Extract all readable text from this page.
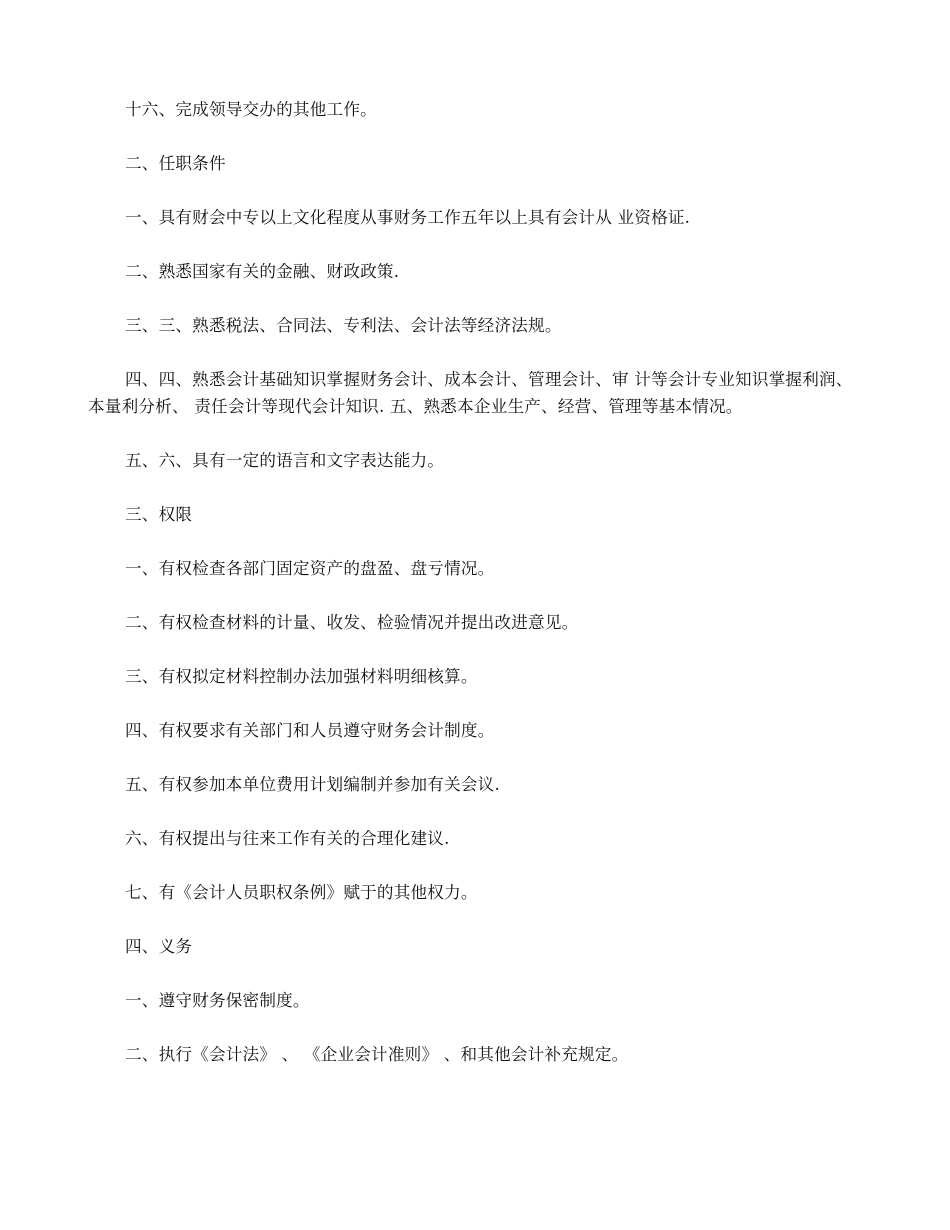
十六、完成领导交办的其他工作。

二、任职条件

一、具有财会中专以上文化程度从事财务工作五年以上具有会计从 业资格证.

二、熟悉国家有关的金融、财政政策.

三、三、熟悉税法、合同法、专利法、会计法等经济法规。

四、四、熟悉会计基础知识掌握财务会计、成本会计、管理会计、审 计等会计专业知识掌握利润、 本量利分析、 责任会计等现代会计知识. 五、熟悉本企业生产、经营、管理等基本情况。

五、六、具有一定的语言和文字表达能力。

三、权限

一、有权检查各部门固定资产的盘盈、盘亏情况。

二、有权检查材料的计量、收发、检验情况并提出改进意见。

三、有权拟定材料控制办法加强材料明细核算。

四、有权要求有关部门和人员遵守财务会计制度。

五、有权参加本单位费用计划编制并参加有关会议.

六、有权提出与往来工作有关的合理化建议.

七、有《会计人员职权条例》赋于的其他权力。

四、义务

一、遵守财务保密制度。

二、执行《会计法》 、 《企业会计准则》 、和其他会计补充规定。
